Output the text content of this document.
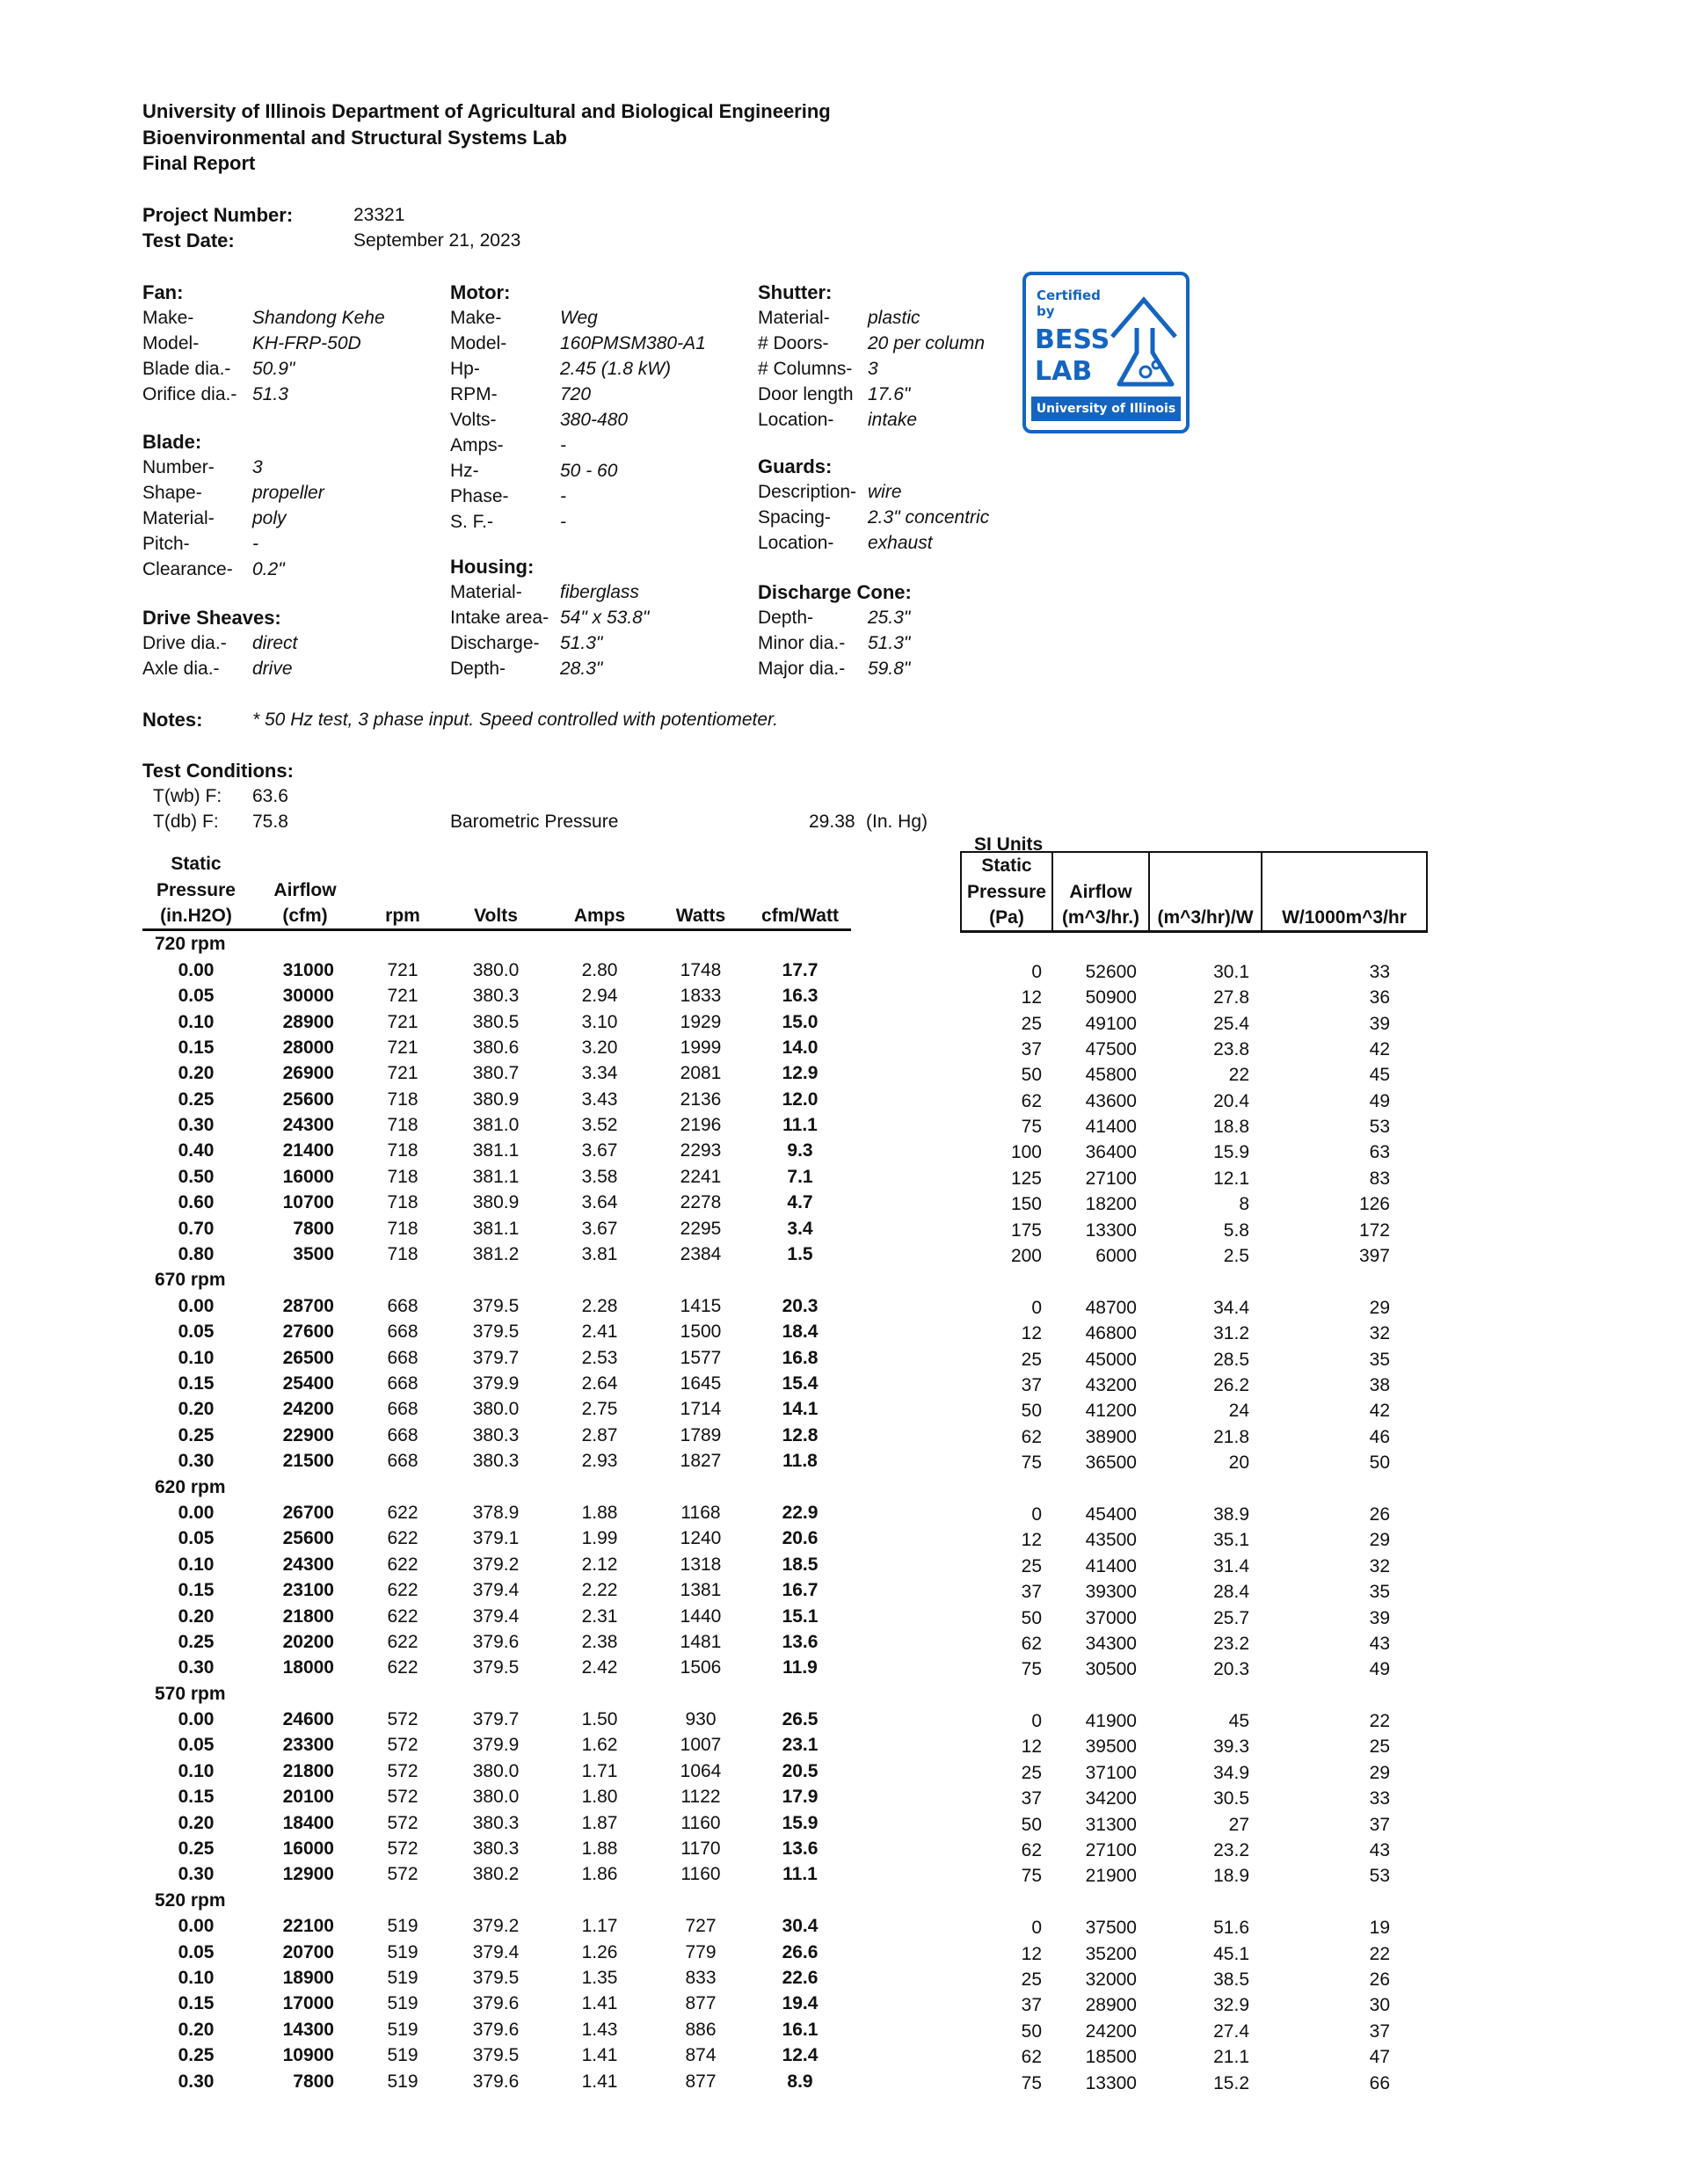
University of Illinois Department of Agricultural and Biological Engineering
Bioenvironmental and Structural Systems Lab
Final Report
Project Number:	23321
Test Date:	September 21, 2023
Fan:
Make-	Shandong Kehe
Model-	KH-FRP-50D
Blade dia.- 50.9"
Orifice dia.- 51.3
Blade:
Number- 3
Shape-	propeller
Material- poly
Pitch-	-
Clearance- 0.2"
Drive Sheaves:
Drive dia.- direct
Axle dia.- drive
Motor:
Make-	Weg
Model-	160PMSM380-A1
Hp-	2.45 (1.8 kW)
RPM-	720
Volts-	380-480
Amps-	-
Hz-	50 - 60
Phase-	-
S. F.-	-
Housing:
Material- fiberglass
Intake area- 54" x 53.8"
Discharge- 51.3"
Depth-	28.3"
Shutter:
Material- plastic
# Doors- 20 per column
# Columns- 3
Door length 17.6"
Location- intake
Guards:
Description- wire
Spacing- 2.3" concentric
Location- exhaust
Discharge Cone:
Depth-	25.3"
Minor dia.- 51.3"
Major dia.- 59.8"
Certified
by
BESS
LAB
University of Illinois
Notes:	* 50 Hz test, 3 phase input. Speed controlled with potentiometer.
Test Conditions:
T(wb) F: 63.6
T(db) F: 75.8	Barometric Pressure	29.38 (In. Hg)
SI Units
Static						
Pressure	Airflow					
(in.H2O)	(cfm)	rpm	Volts	Amps	Watts	cfm/Watt
720 rpm						
0.00	31000	721	380.0	2.80	1748	17.7
0.05	30000	721	380.3	2.94	1833	16.3
0.10	28900	721	380.5	3.10	1929	15.0
0.15	28000	721	380.6	3.20	1999	14.0
0.20	26900	721	380.7	3.34	2081	12.9
0.25	25600	718	380.9	3.43	2136	12.0
0.30	24300	718	381.0	3.52	2196	11.1
0.40	21400	718	381.1	3.67	2293	9.3
0.50	16000	718	381.1	3.58	2241	7.1
0.60	10700	718	380.9	3.64	2278	4.7
0.70	7800	718	381.1	3.67	2295	3.4
0.80	3500	718	381.2	3.81	2384	1.5
670 rpm						
0.00	28700	668	379.5	2.28	1415	20.3
0.05	27600	668	379.5	2.41	1500	18.4
0.10	26500	668	379.7	2.53	1577	16.8
0.15	25400	668	379.9	2.64	1645	15.4
0.20	24200	668	380.0	2.75	1714	14.1
0.25	22900	668	380.3	2.87	1789	12.8
0.30	21500	668	380.3	2.93	1827	11.8
620 rpm						
0.00	26700	622	378.9	1.88	1168	22.9
0.05	25600	622	379.1	1.99	1240	20.6
0.10	24300	622	379.2	2.12	1318	18.5
0.15	23100	622	379.4	2.22	1381	16.7
0.20	21800	622	379.4	2.31	1440	15.1
0.25	20200	622	379.6	2.38	1481	13.6
0.30	18000	622	379.5	2.42	1506	11.9
570 rpm						
0.00	24600	572	379.7	1.50	930	26.5
0.05	23300	572	379.9	1.62	1007	23.1
0.10	21800	572	380.0	1.71	1064	20.5
0.15	20100	572	380.0	1.80	1122	17.9
0.20	18400	572	380.3	1.87	1160	15.9
0.25	16000	572	380.3	1.88	1170	13.6
0.30	12900	572	380.2	1.86	1160	11.1
520 rpm						
0.00	22100	519	379.2	1.17	727	30.4
0.05	20700	519	379.4	1.26	779	26.6
0.10	18900	519	379.5	1.35	833	22.6
0.15	17000	519	379.6	1.41	877	19.4
0.20	14300	519	379.6	1.43	886	16.1
0.25	10900	519	379.5	1.41	874	12.4
0.30	7800	519	379.6	1.41	877	8.9
Static			
Pressure	Airflow		
(Pa)	(m^3/hr.)	(m^3/hr)/W	W/1000m^3/hr

0	52600	30.1	33
12	50900	27.8	36
25	49100	25.4	39
37	47500	23.8	42
50	45800	22	45
62	43600	20.4	49
75	41400	18.8	53
100	36400	15.9	63
125	27100	12.1	83
150	18200	8	126
175	13300	5.8	172
200	6000	2.5	397

0	48700	34.4	29
12	46800	31.2	32
25	45000	28.5	35
37	43200	26.2	38
50	41200	24	42
62	38900	21.8	46
75	36500	20	50

0	45400	38.9	26
12	43500	35.1	29
25	41400	31.4	32
37	39300	28.4	35
50	37000	25.7	39
62	34300	23.2	43
75	30500	20.3	49

0	41900	45	22
12	39500	39.3	25
25	37100	34.9	29
37	34200	30.5	33
50	31300	27	37
62	27100	23.2	43
75	21900	18.9	53

0	37500	51.6	19
12	35200	45.1	22
25	32000	38.5	26
37	28900	32.9	30
50	24200	27.4	37
62	18500	21.1	47
75	13300	15.2	66
